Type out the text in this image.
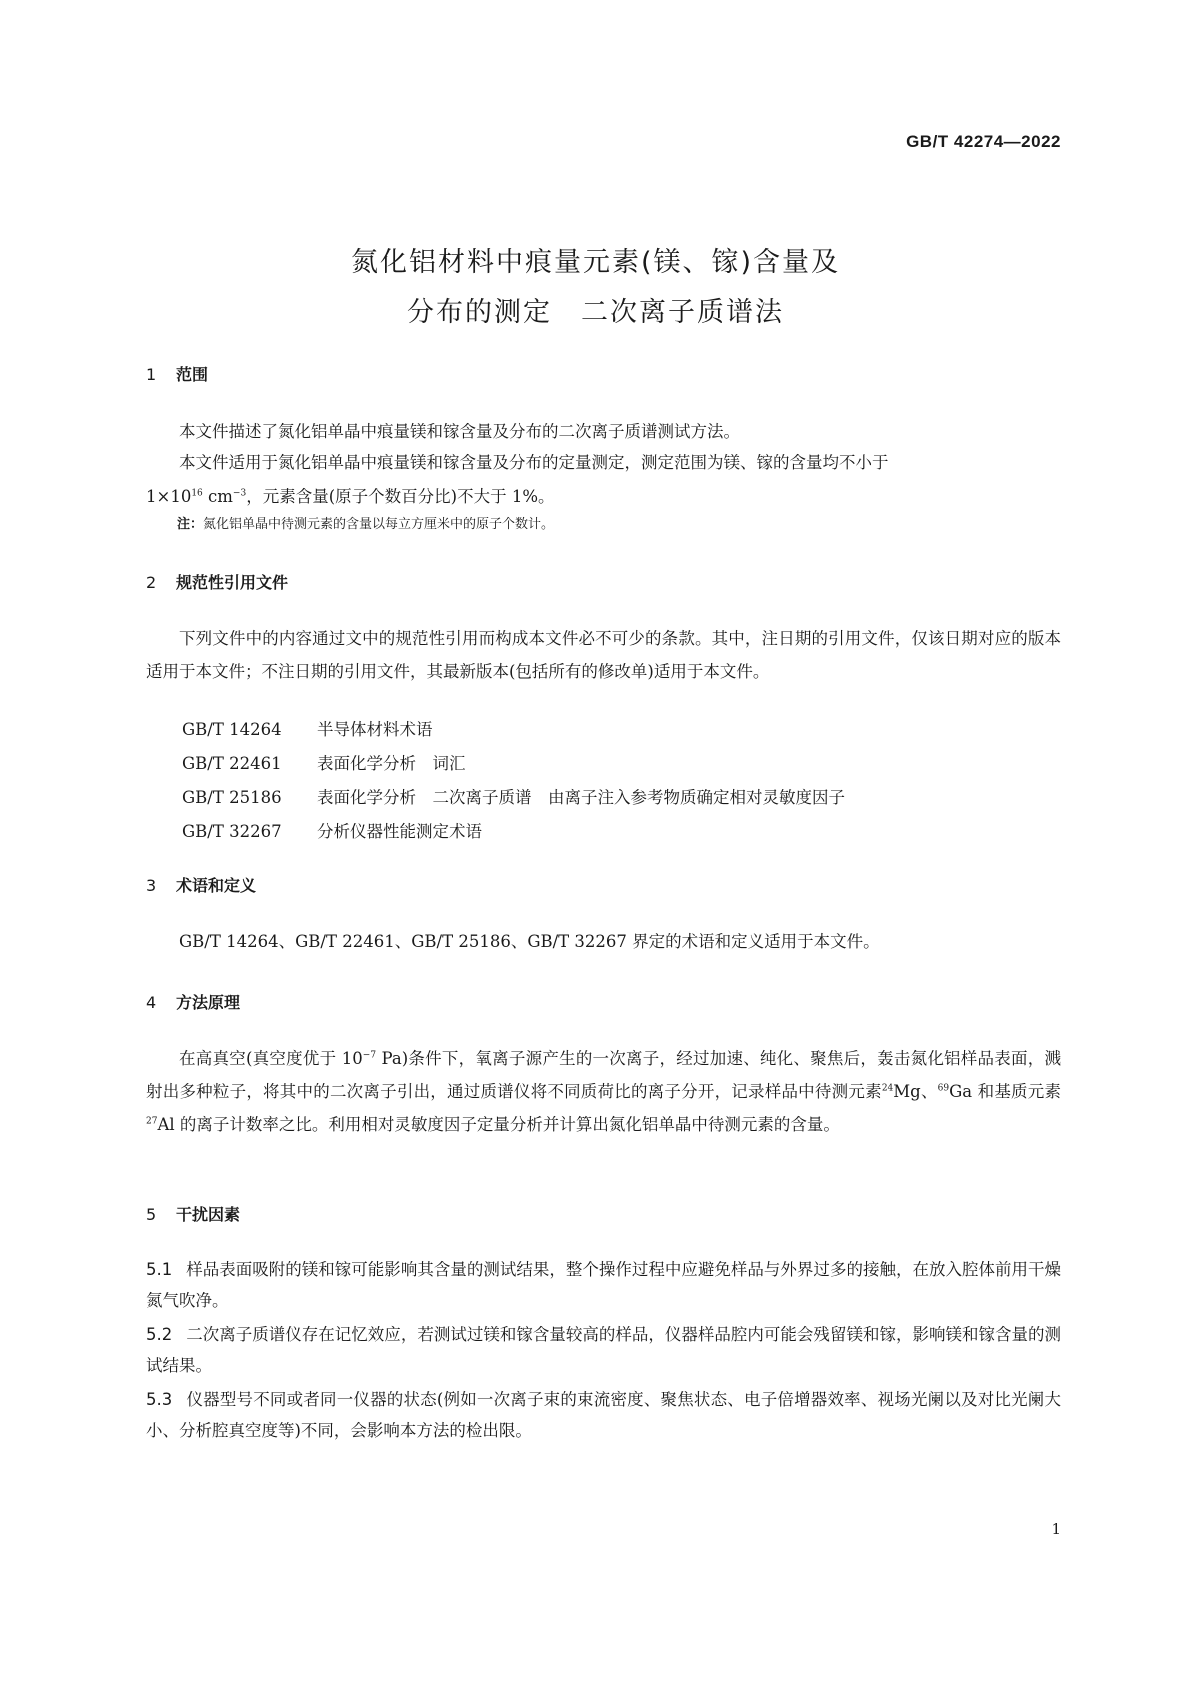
GB/T 42274—2022
氮化铝材料中痕量元素(镁、镓)含量及
分布的测定　二次离子质谱法
1 范围
本文件描述了氮化铝单晶中痕量镁和镓含量及分布的二次离子质谱测试方法。
本文件适用于氮化铝单晶中痕量镁和镓含量及分布的定量测定，测定范围为镁、镓的含量均不小于
$1\times 10^{16}$ $cm^{-3}$，元素含量(原子个数百分比)不大于 1%。
注：氮化铝单晶中待测元素的含量以每立方厘米中的原子个数计。
2 规范性引用文件
下列文件中的内容通过文中的规范性引用而构成本文件必不可少的条款。其中，注日期的引用文件，仅该日期对应的版本适用于本文件；不注日期的引用文件，其最新版本(包括所有的修改单)适用于本文件。
GB/T 14264 半导体材料术语
GB/T 22461 表面化学分析　词汇
GB/T 25186 表面化学分析　二次离子质谱　由离子注入参考物质确定相对灵敏度因子
GB/T 32267 分析仪器性能测定术语
3 术语和定义
GB/T 14264、GB/T 22461、GB/T 25186、GB/T 32267 界定的术语和定义适用于本文件。
4 方法原理
在高真空(真空度优于 $10^{-7}$ Pa)条件下，氧离子源产生的一次离子，经过加速、纯化、聚焦后，轰击氮化铝样品表面，溅射出多种粒子，将其中的二次离子引出，通过质谱仪将不同质荷比的离子分开，记录样品中待测元素$^{24}$Mg、$^{69}$Ga 和基质元素$^{27}$Al 的离子计数率之比。利用相对灵敏度因子定量分析并计算出氮化铝单晶中待测元素的含量。
5 干扰因素
5.1 样品表面吸附的镁和镓可能影响其含量的测试结果，整个操作过程中应避免样品与外界过多的接触，在放入腔体前用干燥氮气吹净。
5.2 二次离子质谱仪存在记忆效应，若测试过镁和镓含量较高的样品，仪器样品腔内可能会残留镁和镓，影响镁和镓含量的测试结果。
5.3 仪器型号不同或者同一仪器的状态(例如一次离子束的束流密度、聚焦状态、电子倍增器效率、视场光阑以及对比光阑大小、分析腔真空度等)不同，会影响本方法的检出限。
1
